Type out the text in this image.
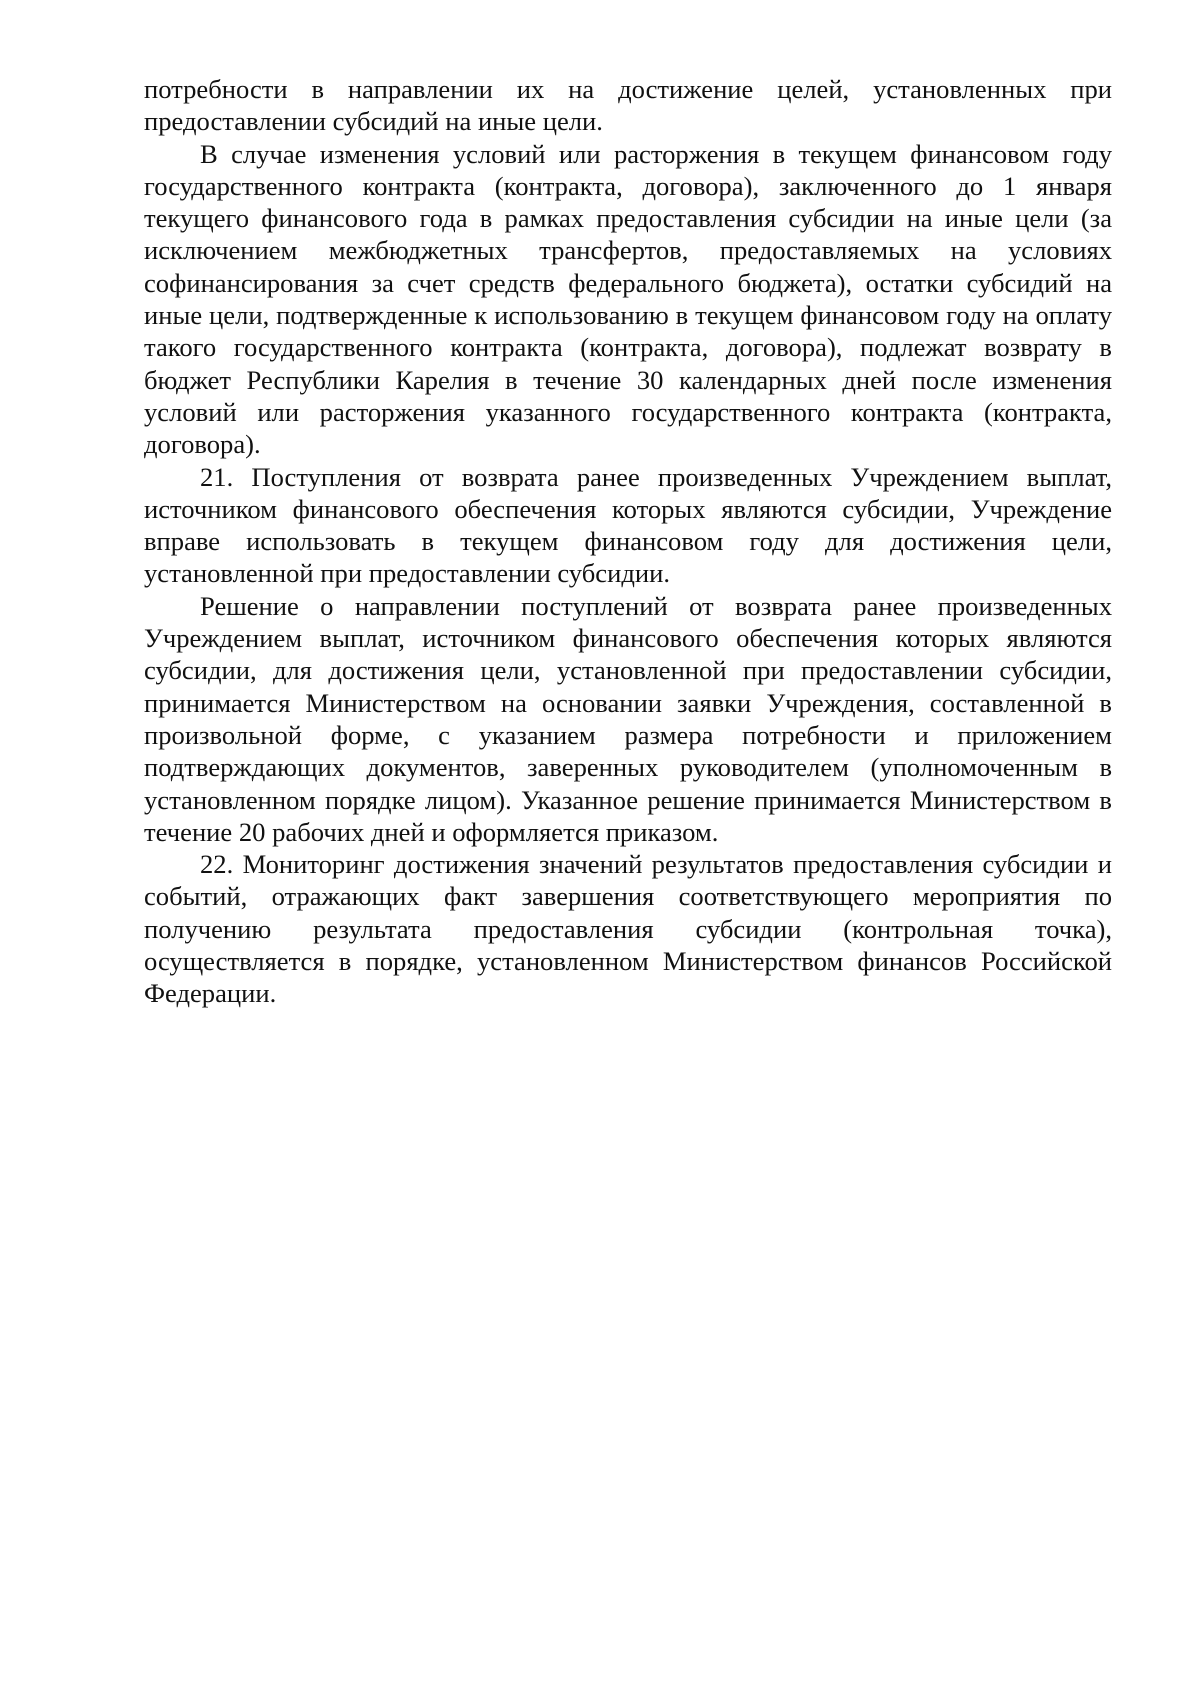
потребности в направлении их на достижение целей, установленных при предоставлении субсидий на иные цели.

В случае изменения условий или расторжения в текущем финансовом году государственного контракта (контракта, договора), заключенного до 1 января текущего финансового года в рамках предоставления субсидии на иные цели (за исключением межбюджетных трансфертов, предоставляемых на условиях софинансирования за счет средств федерального бюджета), остатки субсидий на иные цели, подтвержденные к использованию в текущем финансовом году на оплату такого государственного контракта (контракта, договора), подлежат возврату в бюджет Республики Карелия в течение 30 календарных дней после изменения условий или расторжения указанного государственного контракта (контракта, договора).

21. Поступления от возврата ранее произведенных Учреждением выплат, источником финансового обеспечения которых являются субсидии, Учреждение вправе использовать в текущем финансовом году для достижения цели, установленной при предоставлении субсидии.

Решение о направлении поступлений от возврата ранее произведенных Учреждением выплат, источником финансового обеспечения которых являются субсидии, для достижения цели, установленной при предоставлении субсидии, принимается Министерством на основании заявки Учреждения, составленной в произвольной форме, с указанием размера потребности и приложением подтверждающих документов, заверенных руководителем (уполномоченным в установленном порядке лицом). Указанное решение принимается Министерством в течение 20 рабочих дней и оформляется приказом.

22. Мониторинг достижения значений результатов предоставления субсидии и событий, отражающих факт завершения соответствующего мероприятия по получению результата предоставления субсидии (контрольная точка), осуществляется в порядке, установленном Министерством финансов Российской Федерации.
